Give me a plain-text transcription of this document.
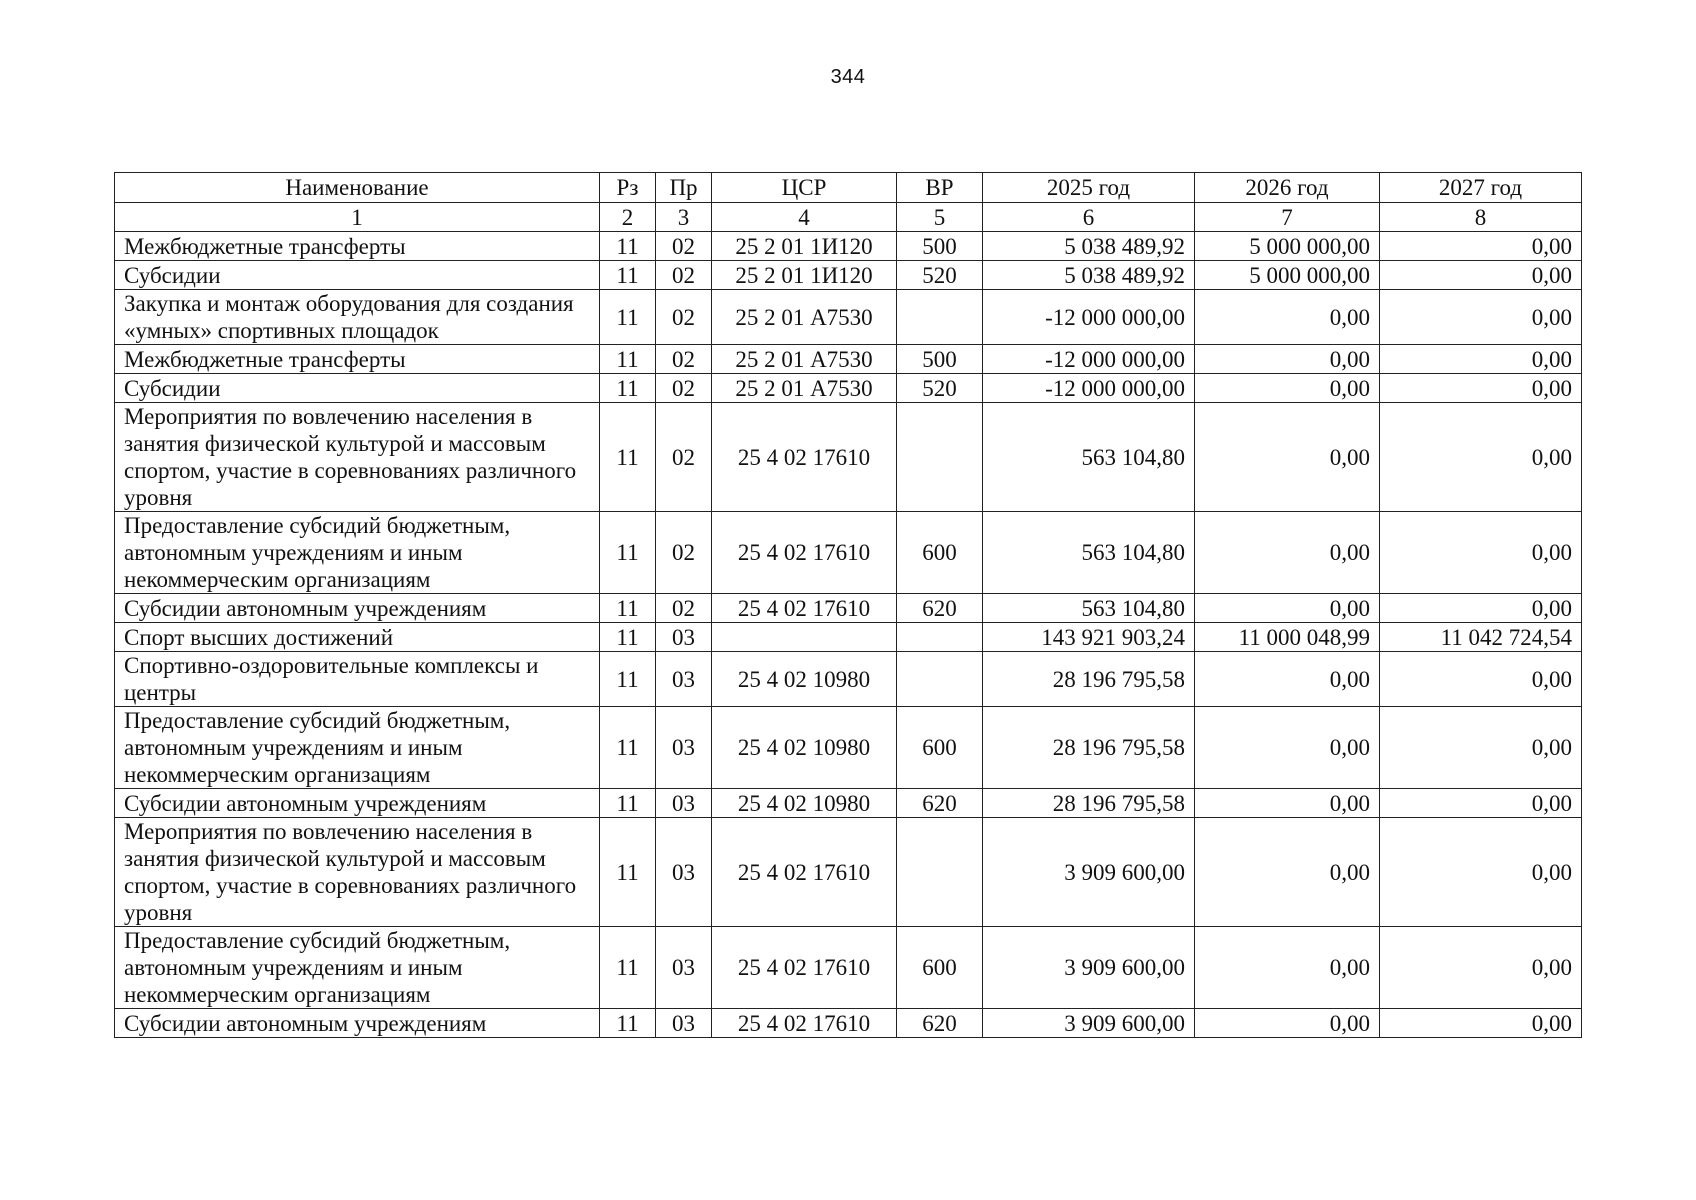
344
Наименование	Рз	Пр	ЦСР	ВР	2025 год	2026 год	2027 год
1	2	3	4	5	6	7	8
Межбюджетные трансферты	11	02	25 2 01 1И120	500	5 038 489,92	5 000 000,00	0,00
Субсидии	11	02	25 2 01 1И120	520	5 038 489,92	5 000 000,00	0,00
Закупка и монтаж оборудования для создания «умных» спортивных площадок	11	02	25 2 01 А7530		-12 000 000,00	0,00	0,00
Межбюджетные трансферты	11	02	25 2 01 А7530	500	-12 000 000,00	0,00	0,00
Субсидии	11	02	25 2 01 А7530	520	-12 000 000,00	0,00	0,00
Мероприятия по вовлечению населения в занятия физической культурой и массовым спортом, участие в соревнованиях различного уровня	11	02	25 4 02 17610		563 104,80	0,00	0,00
Предоставление субсидий бюджетным, автономным учреждениям и иным некоммерческим организациям	11	02	25 4 02 17610	600	563 104,80	0,00	0,00
Субсидии автономным учреждениям	11	02	25 4 02 17610	620	563 104,80	0,00	0,00
Спорт высших достижений	11	03			143 921 903,24	11 000 048,99	11 042 724,54
Спортивно-оздоровительные комплексы и центры	11	03	25 4 02 10980		28 196 795,58	0,00	0,00
Предоставление субсидий бюджетным, автономным учреждениям и иным некоммерческим организациям	11	03	25 4 02 10980	600	28 196 795,58	0,00	0,00
Субсидии автономным учреждениям	11	03	25 4 02 10980	620	28 196 795,58	0,00	0,00
Мероприятия по вовлечению населения в занятия физической культурой и массовым спортом, участие в соревнованиях различного уровня	11	03	25 4 02 17610		3 909 600,00	0,00	0,00
Предоставление субсидий бюджетным, автономным учреждениям и иным некоммерческим организациям	11	03	25 4 02 17610	600	3 909 600,00	0,00	0,00
Субсидии автономным учреждениям	11	03	25 4 02 17610	620	3 909 600,00	0,00	0,00
